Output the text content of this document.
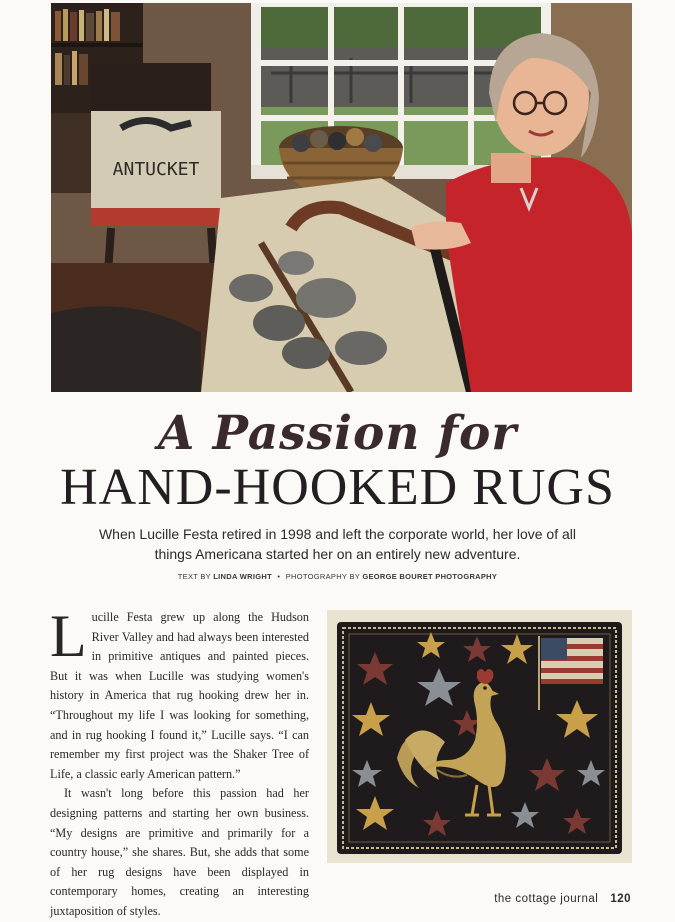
ANTUCKET
A Passion for
HAND-HOOKED RUGS
When Lucille Festa retired in 1998 and left the corporate world, her love of all things Americana started her on an entirely new adventure.
TEXT BY LINDA WRIGHT • PHOTOGRAPHY BY GEORGE BOURET PHOTOGRAPHY

Lucille Festa grew up along the Hudson River Valley and had always been interested in primitive antiques and painted pieces. But it was when Lucille was studying women's history in America that rug hooking drew her in. “Throughout my life I was looking for something, and in rug hooking I found it,” Lucille says. “I can remember my first project was the Shaker Tree of Life, a classic early American pattern.”

It wasn't long before this passion had her designing patterns and starting her own business. “My designs are primitive and primarily for a country house,” she shares. But, she adds that some of her rug designs have been displayed in contemporary homes, creating an interesting juxtaposition of styles.

the cottage journal 120
